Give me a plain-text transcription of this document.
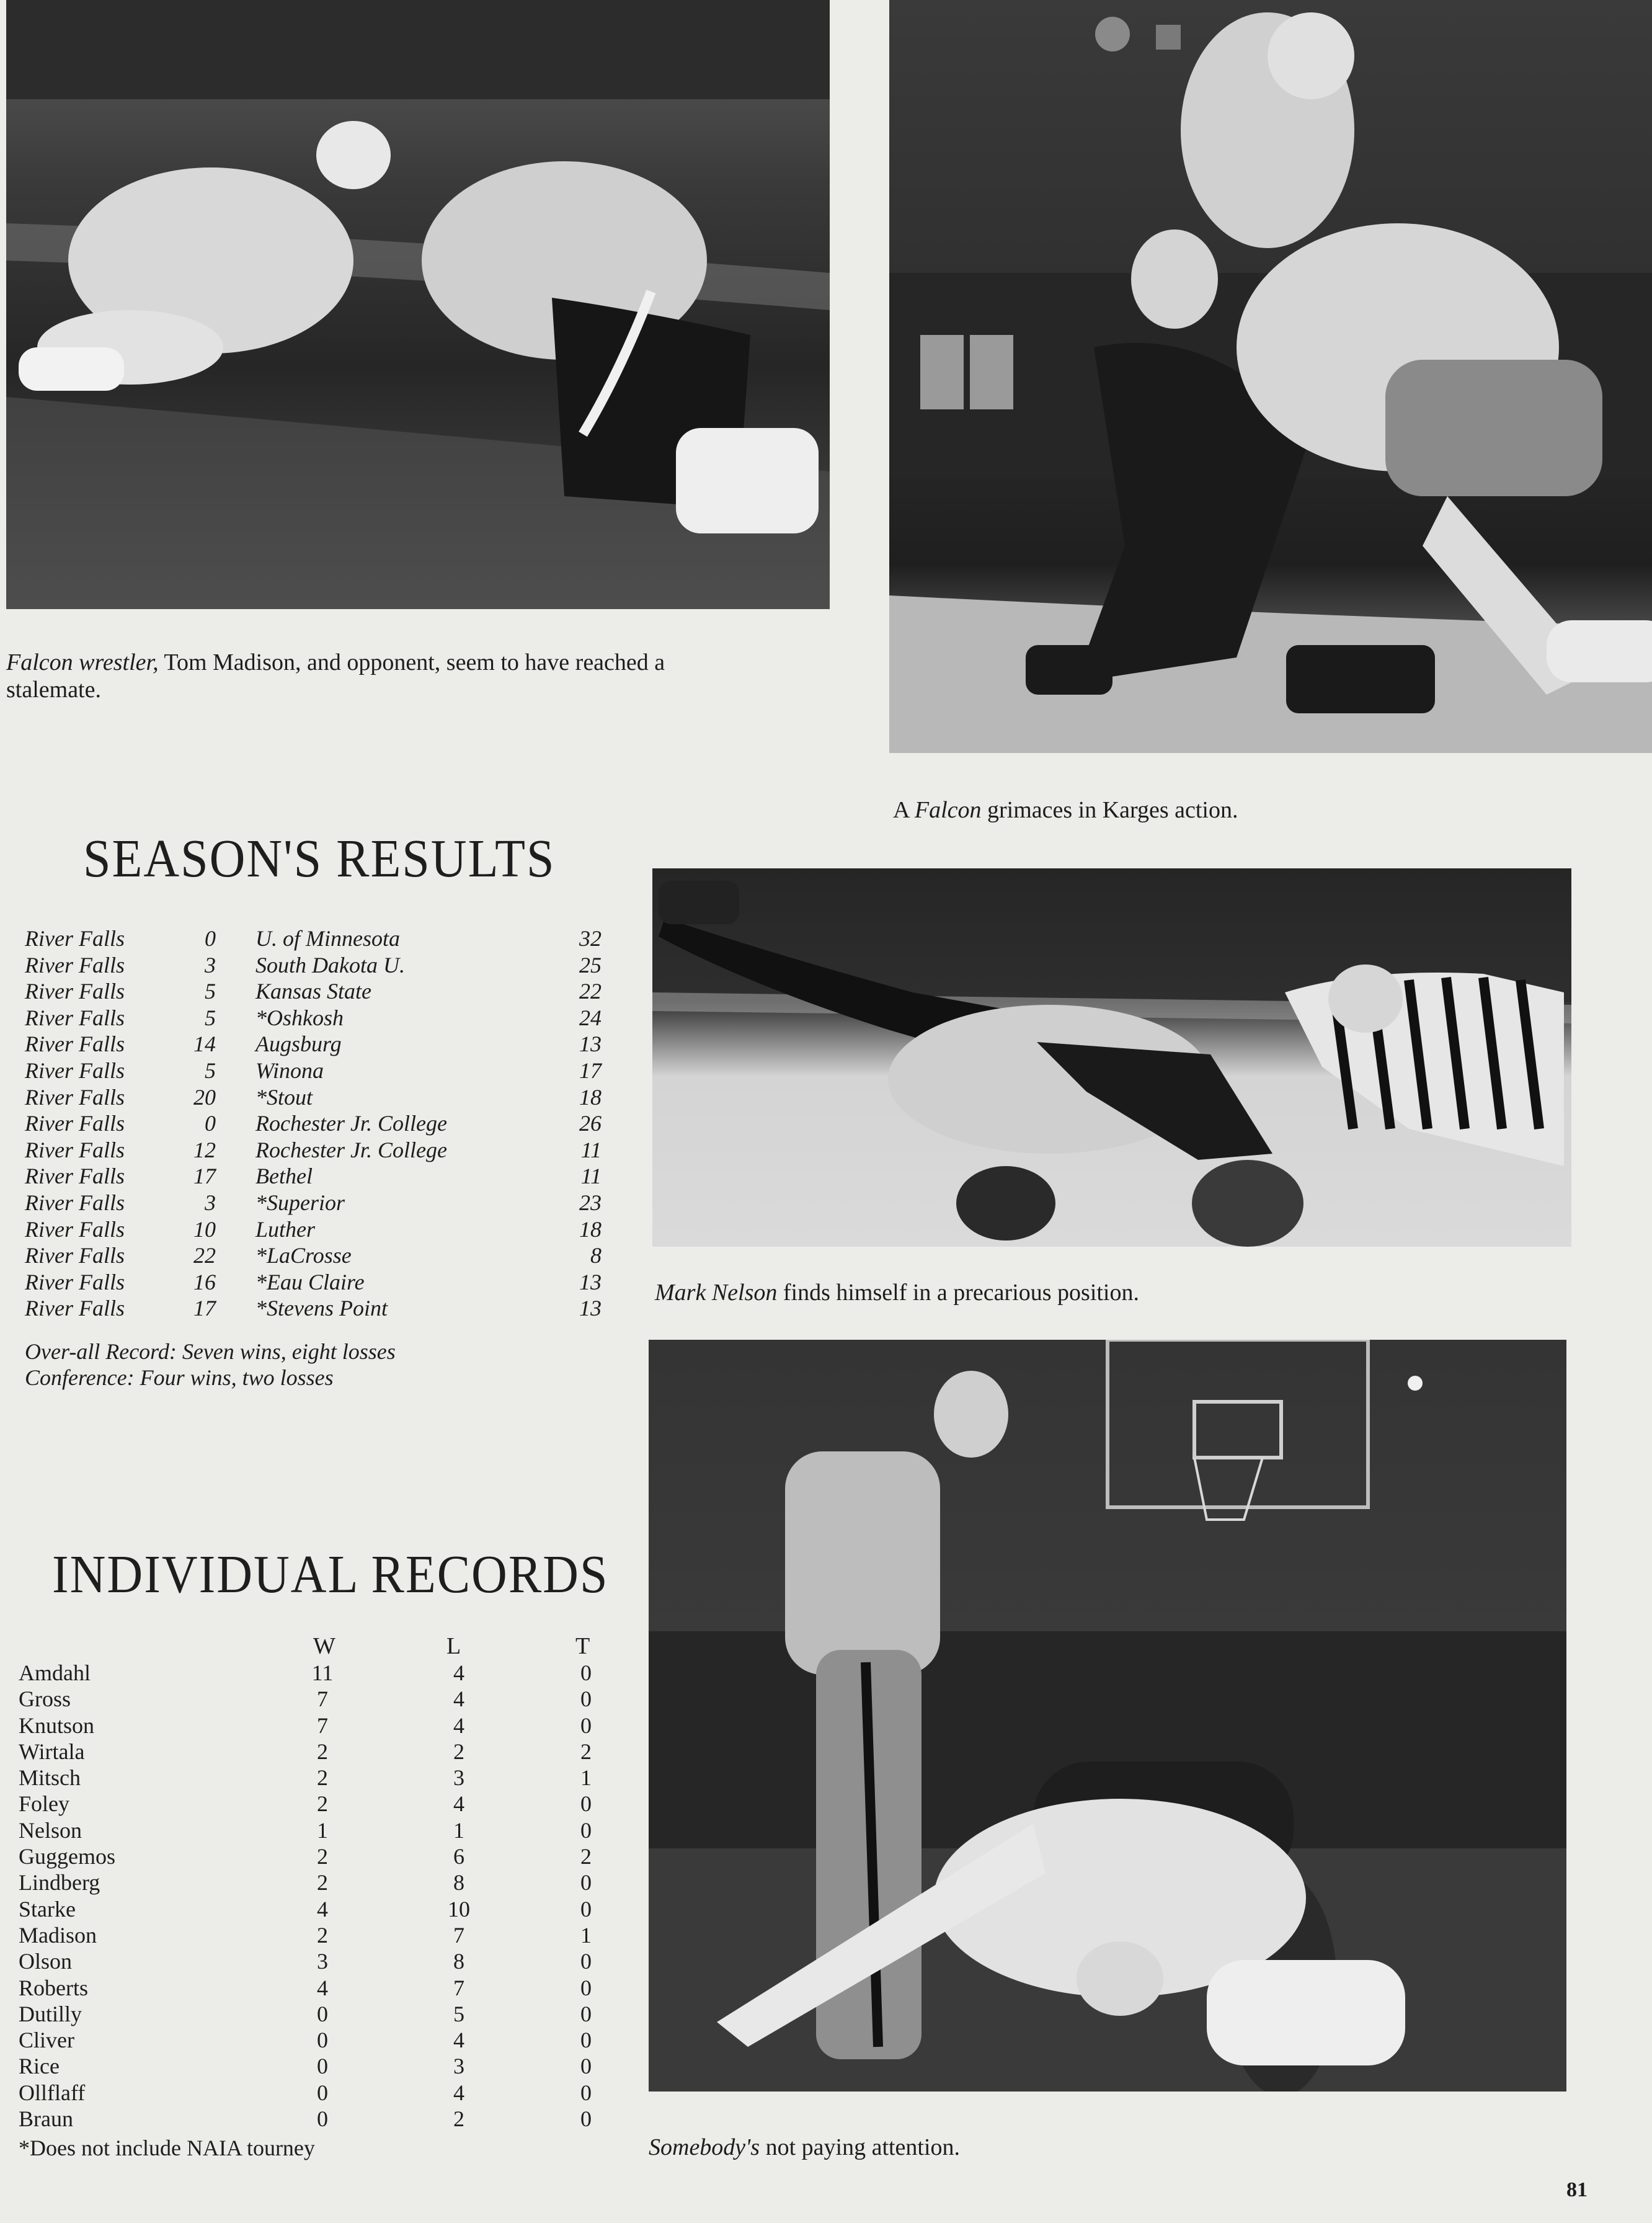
Falcon wrestler, Tom Madison, and opponent, seem to have reached a stalemate.
A Falcon grimaces in Karges action.
SEASON'S RESULTS
River Falls	0 U. of Minnesota	32
River Falls	3 South Dakota U.	25
River Falls	5 Kansas State	22
River Falls	5 *Oshkosh	24
River Falls	14 Augsburg	13
River Falls	5 Winona	17
River Falls	20 *Stout	18
River Falls	0 Rochester Jr. College	26
River Falls	12 Rochester Jr. College	11
River Falls	17 Bethel	11
River Falls	3 *Superior	23
River Falls	10 Luther	18
River Falls	22 *LaCrosse	8
River Falls	16 *Eau Claire	13
River Falls	17 *Stevens Point	13
Over-all Record: Seven wins, eight losses
Conference: Four wins, two losses
Mark Nelson finds himself in a precarious position.
INDIVIDUAL RECORDS
W	L	T
Amdahl	11	4	0
Gross	7	4	0
Knutson	7	4	0
Wirtala	2	2	2
Mitsch	2	3	1
Foley	2	4	0
Nelson	1	1	0
Guggemos	2	6	2
Lindberg	2	8	0
Starke	4	10	0
Madison	2	7	1
Olson	3	8	0
Roberts	4	7	0
Dutilly	0	5	0
Cliver	0	4	0
Rice	0	3	0
Ollflaff	0	4	0
Braun	0	2	0
*Does not include NAIA tourney	Somebody's not paying attention.
81
